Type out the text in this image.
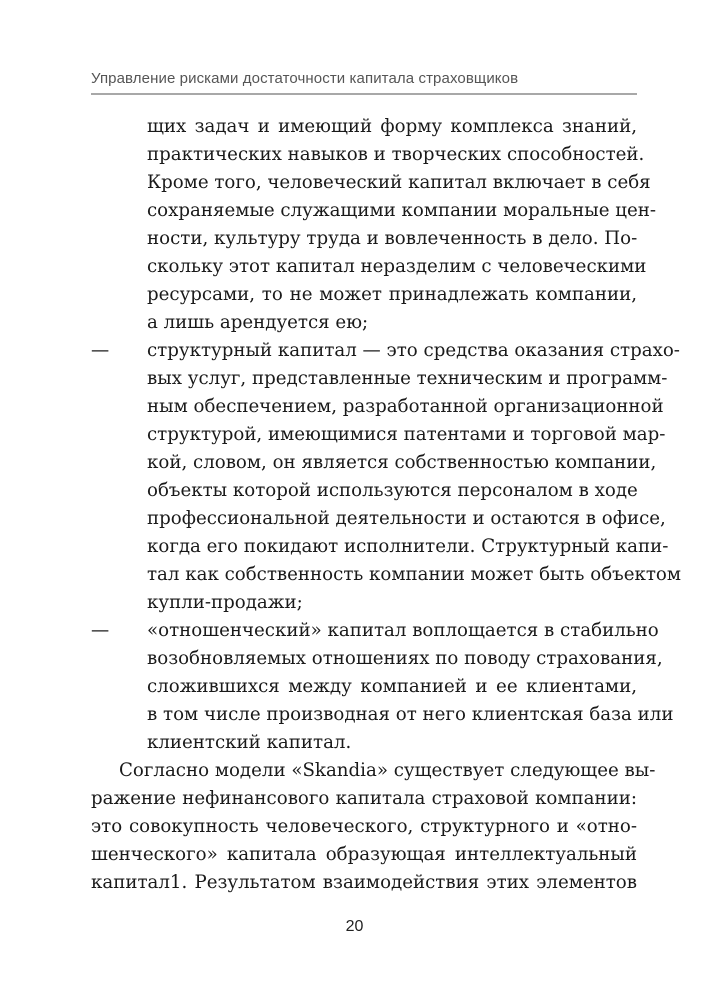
Управление рисками достаточности капитала страховщиков
щих задач и имеющий форму комплекса знаний,
практических навыков и творческих способностей.
Кроме того, человеческий капитал включает в себя
сохраняемые служащими компании моральные цен-
ности, культуру труда и вовлеченность в дело. По-
скольку этот капитал неразделим с человеческими
ресурсами, то не может принадлежать компании,
а лишь арендуется ею;
— структурный капитал — это средства оказания страхо-
вых услуг, представленные техническим и программ-
ным обеспечением, разработанной организационной
структурой, имеющимися патентами и торговой мар-
кой, словом, он является собственностью компании,
объекты которой используются персоналом в ходе
профессиональной деятельности и остаются в офисе,
когда его покидают исполнители. Структурный капи-
тал как собственность компании может быть объектом
купли-продажи;
— «отношенческий» капитал воплощается в стабильно
возобновляемых отношениях по поводу страхования,
сложившихся между компанией и ее клиентами,
в том числе производная от него клиентская база или
клиентский капитал.
Согласно модели «Skandia» существует следующее вы-
ражение нефинансового капитала страховой компании:
это совокупность человеческого, структурного и «отно-
шенческого» капитала образующая интеллектуальный
капитал1. Результатом взаимодействия этих элементов
20
